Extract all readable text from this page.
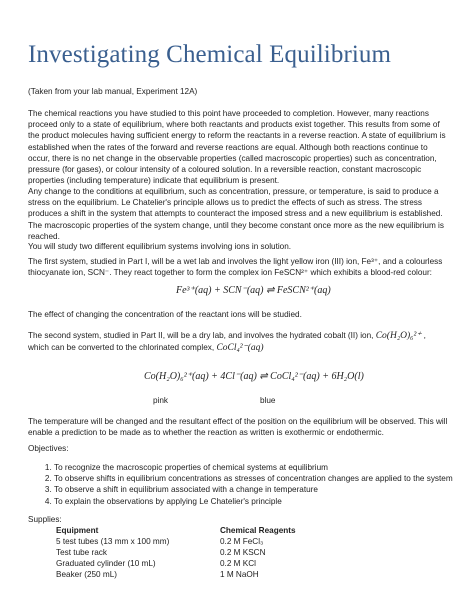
Investigating Chemical Equilibrium

(Taken from your lab manual, Experiment 12A)

The chemical reactions you have studied to this point have proceeded to completion. However, many reactions proceed only to a state of equilibrium, where both reactants and products exist together. This results from some of the product molecules having sufficient energy to reform the reactants in a reverse reaction. A state of equilibrium is established when the rates of the forward and reverse reactions are equal. Although both reactions continue to occur, there is no net change in the observable properties (called macroscopic properties) such as concentration, pressure (for gases), or colour intensity of a coloured solution. In a reversible reaction, constant macroscopic properties (including temperature) indicate that equilibrium is present.

Any change to the conditions at equilibrium, such as concentration, pressure, or temperature, is said to produce a stress on the equilibrium. Le Chatelier's principle allows us to predict the effects of such as stress. The stress produces a shift in the system that attempts to counteract the imposed stress and a new equilibrium is established. The macroscopic properties of the system change, until they become constant once more as the new equilibrium is reached.

You will study two different equilibrium systems involving ions in solution.

The first system, studied in Part I, will be a wet lab and involves the light yellow iron (III) ion, Fe³⁺, and a colourless thiocyanate ion, SCN⁻. They react together to form the complex ion FeSCN²⁺ which exhibits a blood-red colour:

Fe³⁺(aq) + SCN⁻(aq) ⇌ FeSCN²⁺(aq)

The effect of changing the concentration of the reactant ions will be studied.

The second system, studied in Part II, will be a dry lab, and involves the hydrated cobalt (II) ion, Co(H₂O)₆²⁺ , which can be converted to the chlorinated complex, CoCl₄²⁻(aq)

Co(H₂O)₆²⁺(aq) + 4Cl⁻(aq) ⇌ CoCl₄²⁻(aq) + 6H₂O(l)
pink	blue

The temperature will be changed and the resultant effect of the position on the equilibrium will be observed. This will enable a prediction to be made as to whether the reaction as written is exothermic or endothermic.

Objectives:

1. To recognize the macroscopic properties of chemical systems at equilibrium
2. To observe shifts in equilibrium concentrations as stresses of concentration changes are applied to the system
3. To observe a shift in equilibrium associated with a change in temperature
4. To explain the observations by applying Le Chatelier's principle

Supplies:

Equipment	Chemical Reagents
5 test tubes (13 mm x 100 mm)	0.2 M FeCl₃
Test tube rack	0.2 M KSCN
Graduated cylinder (10 mL)	0.2 M KCl
Beaker (250 mL)	1 M NaOH
